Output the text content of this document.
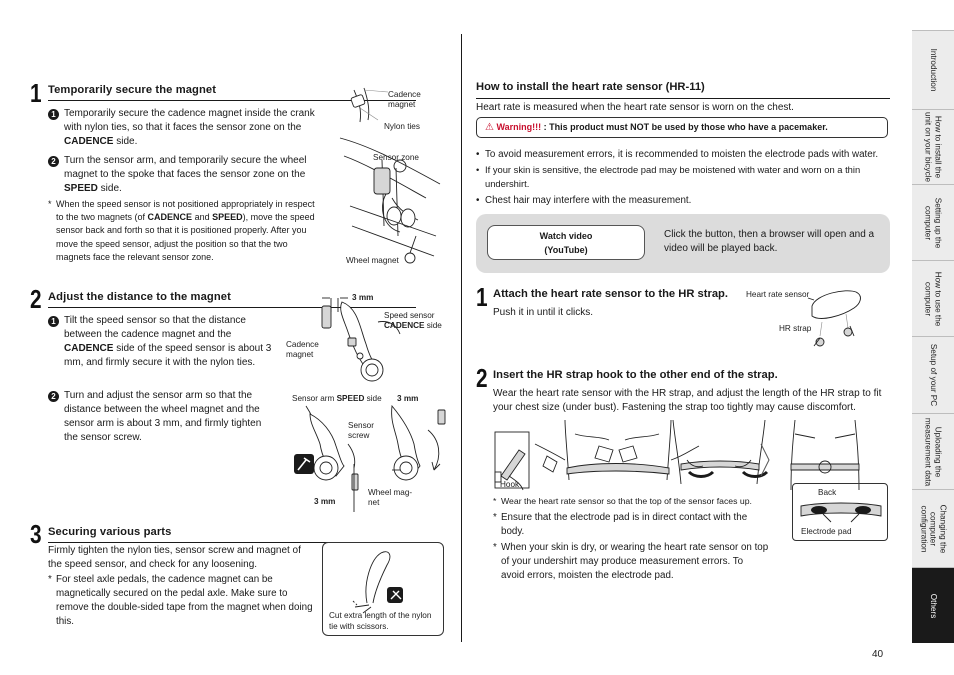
1 Temporarily secure the magnet
1 Temporarily secure the cadence magnet inside the crank with nylon ties, so that it faces the sensor zone on the CADENCE side.
2 Turn the sensor arm, and temporarily secure the wheel magnet to the spoke that faces the sensor zone on the SPEED side.
* When the speed sensor is not positioned appropriately in respect to the two magnets (of CADENCE and SPEED), move the speed sensor back and forth so that it is positioned properly. After you move the speed sensor, adjust the position so that the two magnets face the relevant sensor zone.
Cadence
magnet
Nylon ties
Sensor zone
Wheel magnet
2 Adjust the distance to the magnet
1 Tilt the speed sensor so that the distance between the cadence magnet and the CADENCE side of the speed sensor is about 3 mm, and firmly secure it with the nylon ties.
2 Turn and adjust the sensor arm so that the distance between the wheel magnet and the sensor arm is about 3 mm, and firmly tighten the sensor screw.
3 mm
Speed sensor
CADENCE side
Cadence
magnet
Sensor arm SPEED side 3 mm
Sensor
screw
3 mm
Wheel mag-
net
3 Securing various parts
Firmly tighten the nylon ties, sensor screw and magnet of the speed sensor, and check for any loosening.
* For steel axle pedals, the cadence magnet can be magnetically secured on the pedal axle. Make sure to remove the double-sided tape from the magnet when doing this.
Cut extra length of the nylon tie with scissors.
How to install the heart rate sensor (HR-11)
Heart rate is measured when the heart rate sensor is worn on the chest.
⚠ Warning!!! : This product must NOT be used by those who have a pacemaker.
• To avoid measurement errors, it is recommended to moisten the electrode pads with water.
• If your skin is sensitive, the electrode pad may be moistened with water and worn on a thin undershirt.
• Chest hair may interfere with the measurement.
Watch video
(YouTube)
Click the button, then a browser will open and a video will be played back.
1 Attach the heart rate sensor to the HR strap.
Push it in until it clicks.
Heart rate sensor
HR strap
2 Insert the HR strap hook to the other end of the strap.
Wear the heart rate sensor with the HR strap, and adjust the length of the HR strap to fit your chest size (under bust). Fastening the strap too tightly may cause discomfort.
Hook
Back
Electrode pad
* Wear the heart rate sensor so that the top of the sensor faces up.
* Ensure that the electrode pad is in direct contact with the body.
* When your skin is dry, or wearing the heart rate sensor on top of your undershirt may produce measurement errors. To avoid errors, moisten the electrode pad.
Introduction
How to install the
unit on your bicycle
Setting up the
computer
How to use the
computer
Setup of your PC
Uploading the
measurement data
Changing the
computer
configuration
Others
40
